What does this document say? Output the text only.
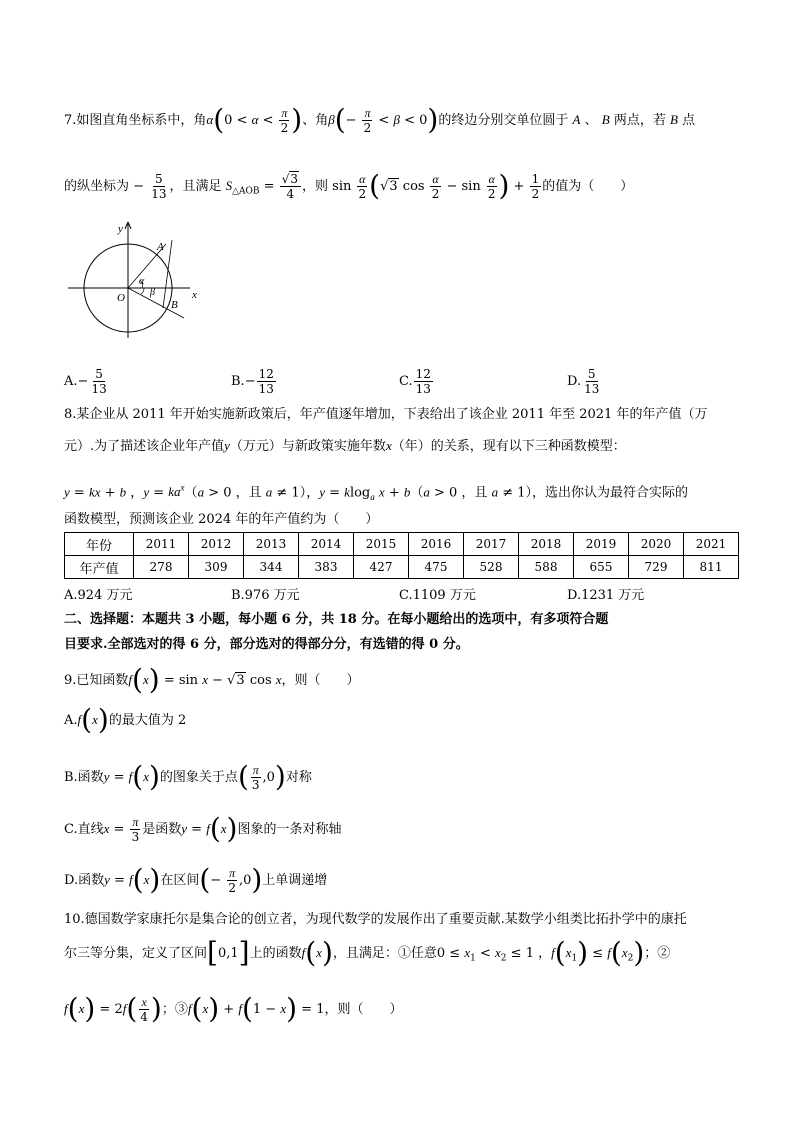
7.如图直角坐标系中，角$\alpha(0 < \alpha < \frac{\pi}{2}$ )、角$\beta(- \frac{\pi}{2} < \beta < 0)$的终边分别交单位圆于 A 、 B 两点，若 B 点
的纵坐标为 − $\frac{5}{13}$ ，且满足 $S_{\triangle AOB} = \frac{√3}{4}$ ，则 $\sin \frac{\alpha}{2} (√3$ $\cos \frac{\alpha}{2} - \sin \frac{\alpha}{2}$ ) + $\frac{1}{2}$ 的值为（　　）
y
x
O
A
B
α
β
$A.- \frac{5}{13}$	$B.- \frac{12}{13}$	C. $\frac{12}{13}$	D. $\frac{5}{13}$
8.某企业从 2011 年开始实施新政策后，年产值逐年增加，下表给出了该企业 2011 年至 2021 年的年产值（万
元）.为了描述该企业年产值y（万元）与新政策实施年数x（年）的关系，现有以下三种函数模型：
y = kx + b ，$y = ka^x(a > 0$ ，且 a ≠ 1），y = klog$_a$ x + b（a > 0 ，且 a ≠ 1），选出你认为最符合实际的
函数模型，预测该企业 2024 年的年产值约为（　　）
年份	2011	2012	2013	2014	2015	2016	2017	2018	2019	2020	2021
年产值	278	309	344	383	427	475	528	588	655	729	811
A.924 万元	B.976 万元	C.1109 万元	D.1231 万元
二、选择题：本题共 3 小题，每小题 6 分，共 18 分。在每小题给出的选项中，有多项符合题
目要求.全部选对的得 6 分，部分选对的得部分分，有选错的得 0 分。
9.已知函数f(x) = sin x − √3 cos x，则（　　）
A.f(x)的最大值为 2
B.函数y = f(x)的图象关于点( $\frac{\pi}{3} ,0$)对称
C.直线$x = \frac{\pi}{3}$ 是函数y = f(x)图象的一条对称轴
D.函数y = f(x)在区间(− $\frac{\pi}{2} ,0$)上单调递增
10.德国数学家康托尔是集合论的创立者，为现代数学的发展作出了重要贡献.某数学小组类比拓扑学中的康托
尔三等分集，定义了区间[0,1]上的函数f(x)，且满足：①任意$0 \le x_1 < x_2 \le 1$ ，$f(x_1) \le f(x_2)$；②
$f(x) = 2f( \frac{x}{4}$ )；③f(x) + f(1 − x) = 1，则（　　）
